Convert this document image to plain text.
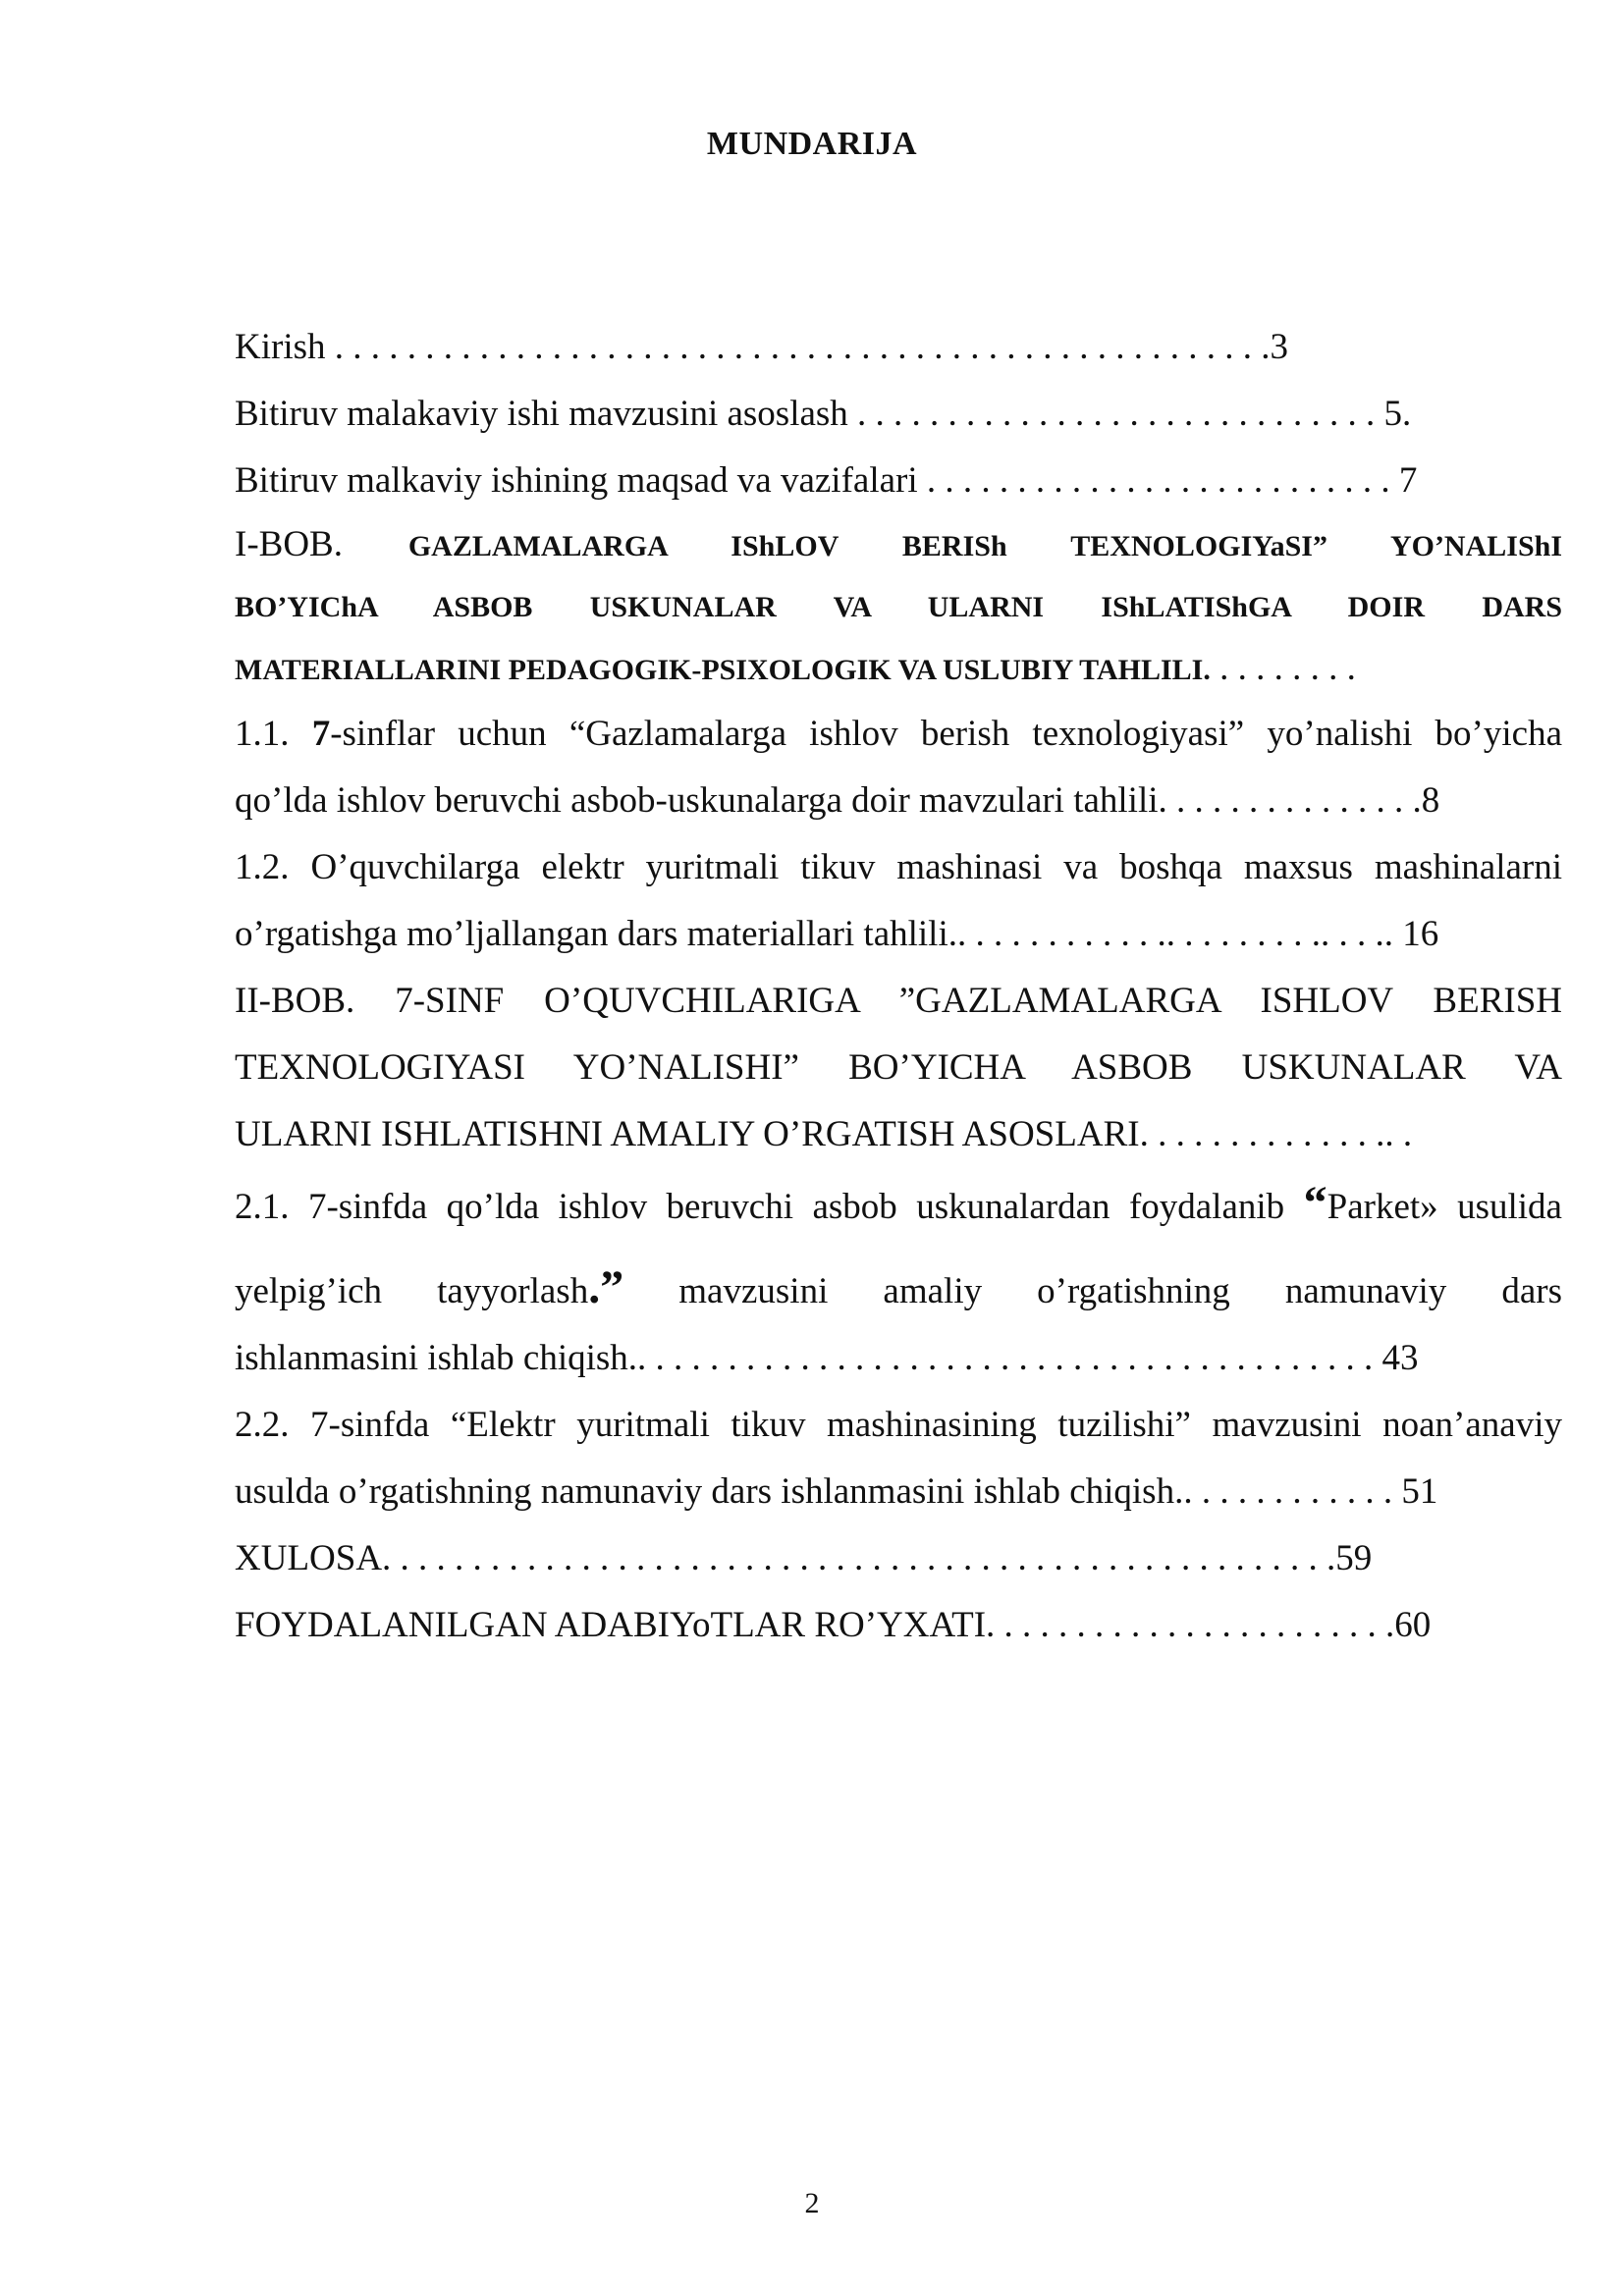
MUNDARIJA
Kirish . . . . . . . . . . . . . . . . . . . . . . . . . . . . . . . . . . . . . . . . . . . . . . . . . . . .3
Bitiruv malakaviy ishi mavzusini asoslash . . . . . . . . . . . . . . . . . . . . . . . . . . . . . 5.
Bitiruv malkaviy ishining maqsad va vazifalari . . . . . . . . . . . . . . . . . . . . . . . . . . 7
I-BOB. GAZLAMALARGA IShLOV BERISh TEXNOLOGIYaSI” YO’NALIShI
BO’YIChA ASBOB USKUNALAR VA ULARNI IShLATIShGA DOIR DARS
MATERIALLARINI PEDAGOGIK-PSIXOLOGIK VA USLUBIY TAHLILI. . . . . . . . .
1.1. 7-sinflar uchun “Gazlamalarga ishlov berish texnologiyasi” yo’nalishi bo’yicha
qo’lda ishlov beruvchi asbob-uskunalarga doir mavzulari tahlili. . . . . . . . . . . . . . .8
1.2. O’quvchilarga elektr yuritmali tikuv mashinasi va boshqa maxsus mashinalarni
o’rgatishga mo’ljallangan dars materiallari tahlili.. . . . . . . . . . . .. . . . . . . . .. . . .. 16
II-BOB. 7-SINF O’QUVCHILARIGA ”GAZLAMALARGA ISHLOV BERISH
TEXNOLOGIYASI YO’NALISHI” BO’YICHA ASBOB USKUNALAR VA
ULARNI ISHLATISHNI AMALIY O’RGATISH ASOSLARI. . . . . . . . . . . . . .. .
2.1. 7-sinfda qo’lda ishlov beruvchi asbob uskunalardan foydalanib “Parket» usulida
yelpig’ich tayyorlash.” mavzusini amaliy o’rgatishning namunaviy dars
ishlanmasini ishlab chiqish.. . . . . . . . . . . . . . . . . . . . . . . . . . . . . . . . . . . . . . . . . 43
2.2. 7-sinfda “Elektr yuritmali tikuv mashinasining tuzilishi” mavzusini noan’anaviy
usulda o’rgatishning namunaviy dars ishlanmasini ishlab chiqish.. . . . . . . . . . . . 51
XULOSA. . . . . . . . . . . . . . . . . . . . . . . . . . . . . . . . . . . . . . . . . . . . . . . . . . . . .59
FOYDALANILGAN ADABIYoTLAR RO’YXATI. . . . . . . . . . . . . . . . . . . . . . .60
2
